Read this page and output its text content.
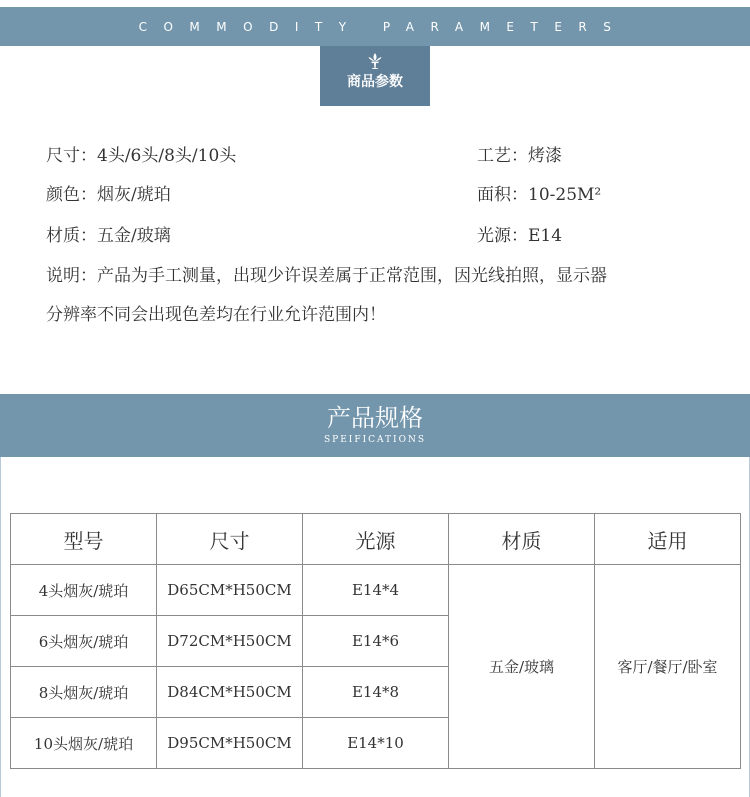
COMMODITY PARAMETERS
商品参数
尺寸：4头/6头/8头/10头	工艺：烤漆
颜色：烟灰/琥珀	面积：10-25M²
材质：五金/玻璃	光源：E14

说明：产品为手工测量，出现少许误差属于正常范围，因光线拍照，显示器

分辨率不同会出现色差均在行业允许范围内！

产品规格
SPEIFICATIONS
型号	尺寸	光源	材质	适用
4头烟灰/琥珀	D65CM*H50CM	E14*4	五金/玻璃	客厅/餐厅/卧室
6头烟灰/琥珀	D72CM*H50CM	E14*6		
8头烟灰/琥珀	D84CM*H50CM	E14*8		
10头烟灰/琥珀	D95CM*H50CM	E14*10		
